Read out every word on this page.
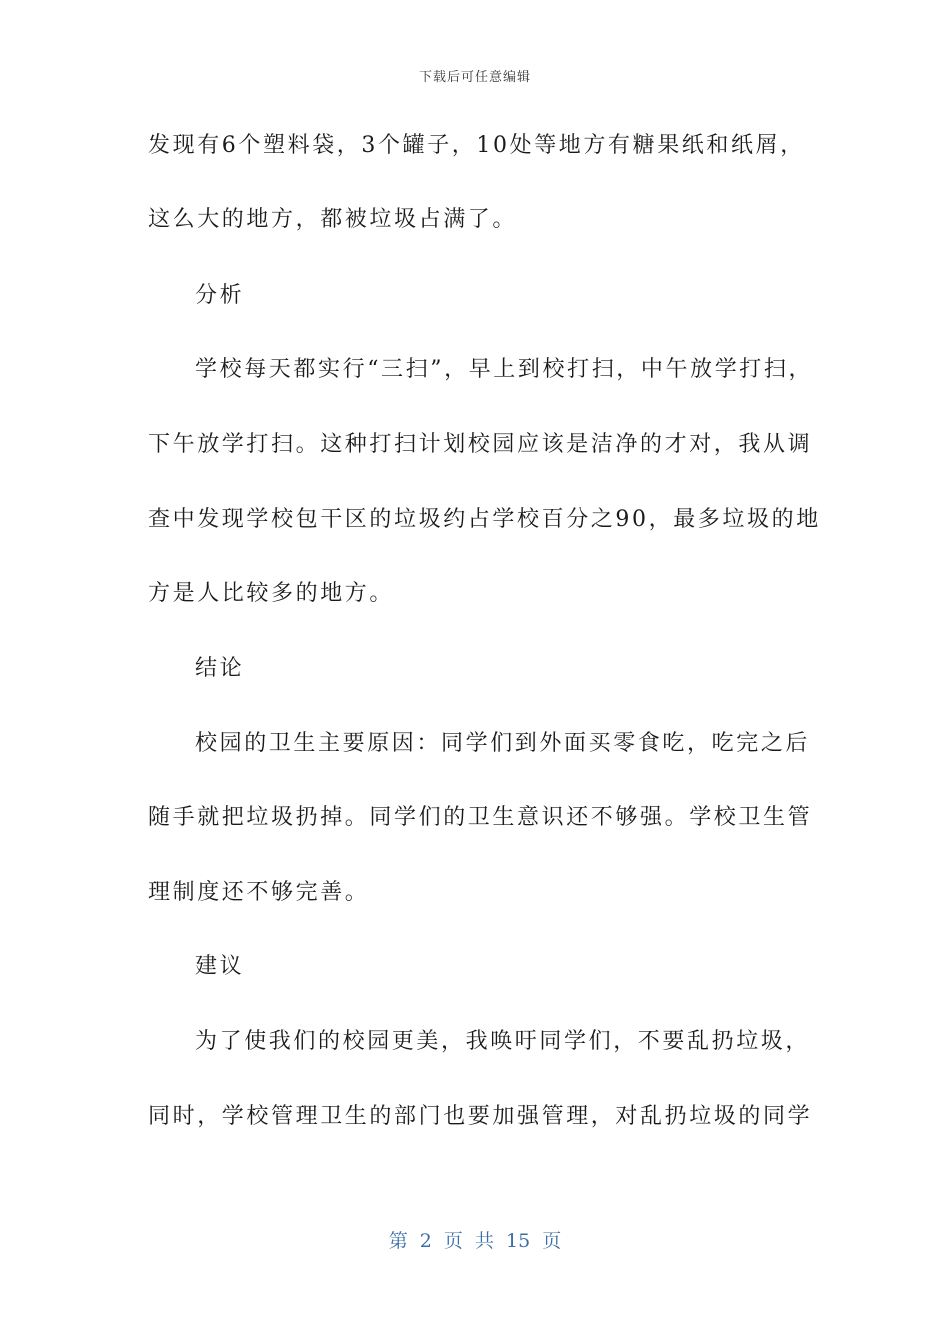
下载后可任意编辑
发现有6个塑料袋，3个罐子，10处等地方有糖果纸和纸屑，
这么大的地方，都被垃圾占满了。
分析
学校每天都实行“三扫”，早上到校打扫，中午放学打扫，
下午放学打扫。这种打扫计划校园应该是洁净的才对，我从调
查中发现学校包干区的垃圾约占学校百分之90，最多垃圾的地
方是人比较多的地方。
结论
校园的卫生主要原因：同学们到外面买零食吃，吃完之后
随手就把垃圾扔掉。同学们的卫生意识还不够强。学校卫生管
理制度还不够完善。
建议
为了使我们的校园更美，我唤吁同学们，不要乱扔垃圾，
同时，学校管理卫生的部门也要加强管理，对乱扔垃圾的同学
第 2 页 共 15 页
